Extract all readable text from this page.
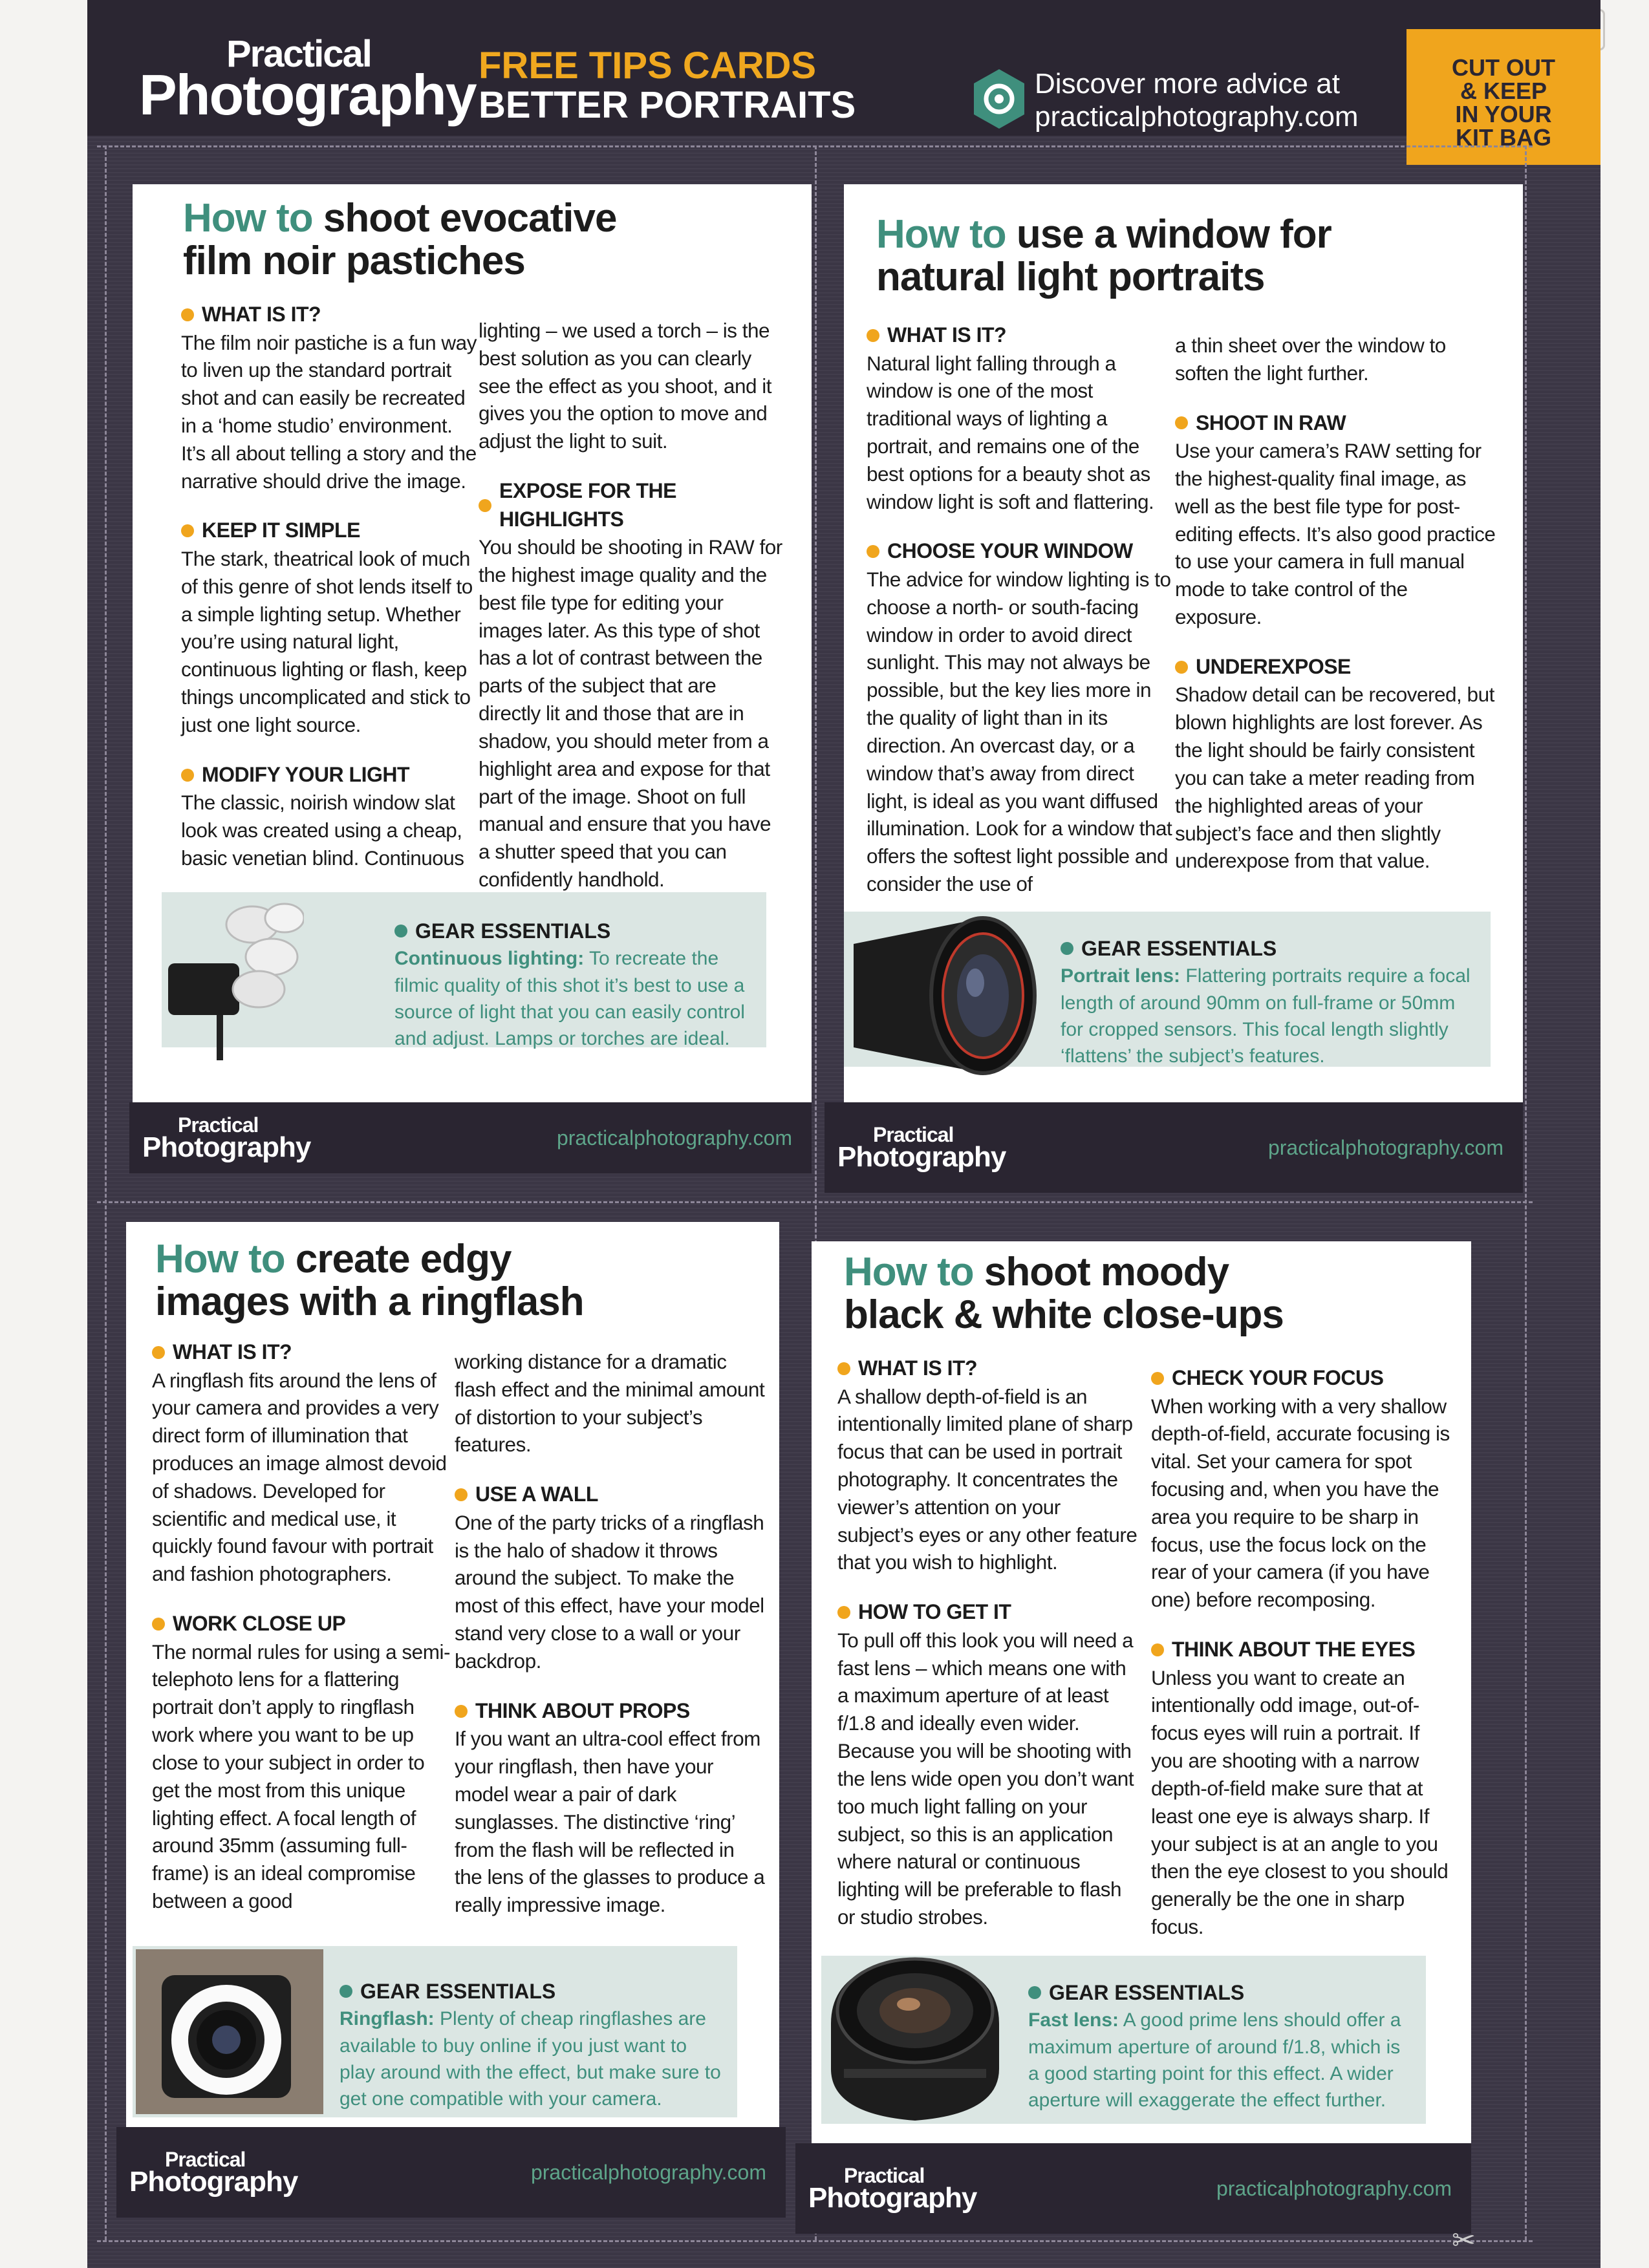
Practical
Photography FREE TIPS CARDS
BETTER PORTRAITS
Discover more advice at
practicalphotography.com
CUT OUT
& KEEP
IN YOUR
KIT BAG
How to shoot evocative
film noir pastiches
WHAT IS IT?
The film noir pastiche is a fun way to liven up the standard portrait shot and can easily be recreated in a ‘home studio’ environment. It’s all about telling a story and the narrative should drive the image.
KEEP IT SIMPLE
The stark, theatrical look of much of this genre of shot lends itself to a simple lighting setup. Whether you’re using natural light, continuous lighting or flash, keep things uncomplicated and stick to just one light source.
MODIFY YOUR LIGHT
The classic, noirish window slat look was created using a cheap, basic venetian blind. Continuous
lighting – we used a torch – is the best solution as you can clearly see the effect as you shoot, and it gives you the option to move and adjust the light to suit.
EXPOSE FOR THE HIGHLIGHTS
You should be shooting in RAW for the highest image quality and the best file type for editing your images later. As this type of shot has a lot of contrast between the parts of the subject that are directly lit and those that are in shadow, you should meter from a highlight area and expose for that part of the image. Shoot on full manual and ensure that you have a shutter speed that you can confidently handhold.
GEAR ESSENTIALS
Continuous lighting: To recreate the filmic quality of this shot it’s best to use a source of light that you can easily control and adjust. Lamps or torches are ideal.
Practical
Photography	practicalphotography.com
How to use a window for
natural light portraits
WHAT IS IT?
Natural light falling through a window is one of the most traditional ways of lighting a portrait, and remains one of the best options for a beauty shot as window light is soft and flattering.
CHOOSE YOUR WINDOW
The advice for window lighting is to choose a north- or south-facing window in order to avoid direct sunlight. This may not always be possible, but the key lies more in the quality of light than in its direction. An overcast day, or a window that’s away from direct light, is ideal as you want diffused illumination. Look for a window that offers the softest light possible and consider the use of
a thin sheet over the window to soften the light further.
SHOOT IN RAW
Use your camera’s RAW setting for the highest-quality final image, as well as the best file type for post-editing effects. It’s also good practice to use your camera in full manual mode to take control of the exposure.
UNDEREXPOSE
Shadow detail can be recovered, but blown highlights are lost forever. As the light should be fairly consistent you can take a meter reading from the highlighted areas of your subject’s face and then slightly underexpose from that value.
GEAR ESSENTIALS
Portrait lens: Flattering portraits require a focal length of around 90mm on full-frame or 50mm for cropped sensors. This focal length slightly ‘flattens’ the subject’s features.
Practical
Photography	practicalphotography.com
How to create edgy
images with a ringflash
WHAT IS IT?
A ringflash fits around the lens of your camera and provides a very direct form of illumination that produces an image almost devoid of shadows. Developed for scientific and medical use, it quickly found favour with portrait and fashion photographers.
WORK CLOSE UP
The normal rules for using a semi-telephoto lens for a flattering portrait don’t apply to ringflash work where you want to be up close to your subject in order to get the most from this unique lighting effect. A focal length of around 35mm (assuming full-frame) is an ideal compromise between a good
working distance for a dramatic flash effect and the minimal amount of distortion to your subject’s features.
USE A WALL
One of the party tricks of a ringflash is the halo of shadow it throws around the subject. To make the most of this effect, have your model stand very close to a wall or your backdrop.
THINK ABOUT PROPS
If you want an ultra-cool effect from your ringflash, then have your model wear a pair of dark sunglasses. The distinctive ‘ring’ from the flash will be reflected in the lens of the glasses to produce a really impressive image.
GEAR ESSENTIALS
Ringflash: Plenty of cheap ringflashes are available to buy online if you just want to play around with the effect, but make sure to get one compatible with your camera.
Practical
Photography	practicalphotography.com
How to shoot moody
black & white close-ups
WHAT IS IT?
A shallow depth-of-field is an intentionally limited plane of sharp focus that can be used in portrait photography. It concentrates the viewer’s attention on your subject’s eyes or any other feature that you wish to highlight.
HOW TO GET IT
To pull off this look you will need a fast lens – which means one with a maximum aperture of at least f/1.8 and ideally even wider. Because you will be shooting with the lens wide open you don’t want too much light falling on your subject, so this is an application where natural or continuous lighting will be preferable to flash or studio strobes.
CHECK YOUR FOCUS
When working with a very shallow depth-of-field, accurate focusing is vital. Set your camera for spot focusing and, when you have the area you require to be sharp in focus, use the focus lock on the rear of your camera (if you have one) before recomposing.
THINK ABOUT THE EYES
Unless you want to create an intentionally odd image, out-of-focus eyes will ruin a portrait. If you are shooting with a narrow depth-of-field make sure that at least one eye is always sharp. If your subject is at an angle to you then the eye closest to you should generally be the one in sharp focus.
GEAR ESSENTIALS
Fast lens: A good prime lens should offer a maximum aperture of around f/1.8, which is a good starting point for this effect. A wider aperture will exaggerate the effect further.
Practical
Photography	practicalphotography.com
✂
